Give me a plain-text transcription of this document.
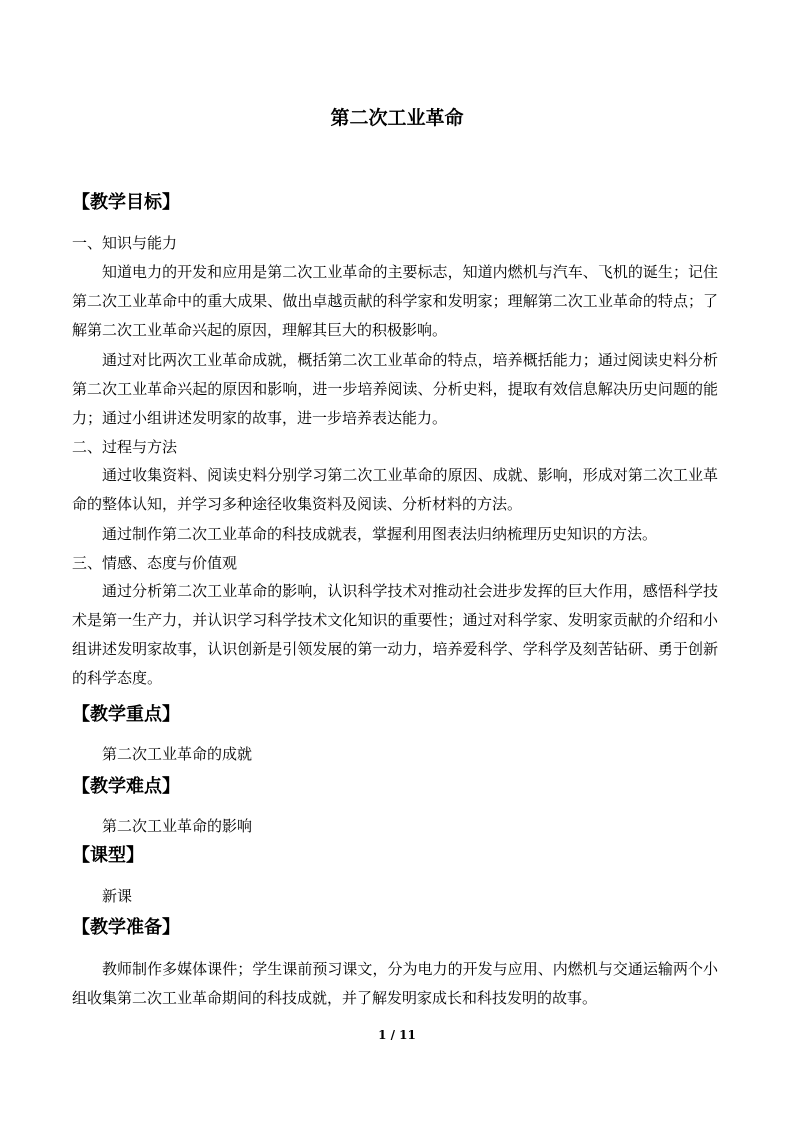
第二次工业革命
【教学目标】
一、知识与能力

知道电力的开发和应用是第二次工业革命的主要标志，知道内燃机与汽车、飞机的诞生；记住第二次工业革命中的重大成果、做出卓越贡献的科学家和发明家；理解第二次工业革命的特点；了解第二次工业革命兴起的原因，理解其巨大的积极影响。

通过对比两次工业革命成就，概括第二次工业革命的特点，培养概括能力；通过阅读史料分析第二次工业革命兴起的原因和影响，进一步培养阅读、分析史料，提取有效信息解决历史问题的能力；通过小组讲述发明家的故事，进一步培养表达能力。

二、过程与方法

通过收集资料、阅读史料分别学习第二次工业革命的原因、成就、影响，形成对第二次工业革命的整体认知，并学习多种途径收集资料及阅读、分析材料的方法。

通过制作第二次工业革命的科技成就表，掌握利用图表法归纳梳理历史知识的方法。

三、情感、态度与价值观

通过分析第二次工业革命的影响，认识科学技术对推动社会进步发挥的巨大作用，感悟科学技术是第一生产力，并认识学习科学技术文化知识的重要性；通过对科学家、发明家贡献的介绍和小组讲述发明家故事，认识创新是引领发展的第一动力，培养爱科学、学科学及刻苦钻研、勇于创新的科学态度。

【教学重点】
第二次工业革命的成就
【教学难点】
第二次工业革命的影响
【课型】
新课
【教学准备】

教师制作多媒体课件；学生课前预习课文，分为电力的开发与应用、内燃机与交通运输两个小组收集第二次工业革命期间的科技成就，并了解发明家成长和科技发明的故事。

1 / 11
